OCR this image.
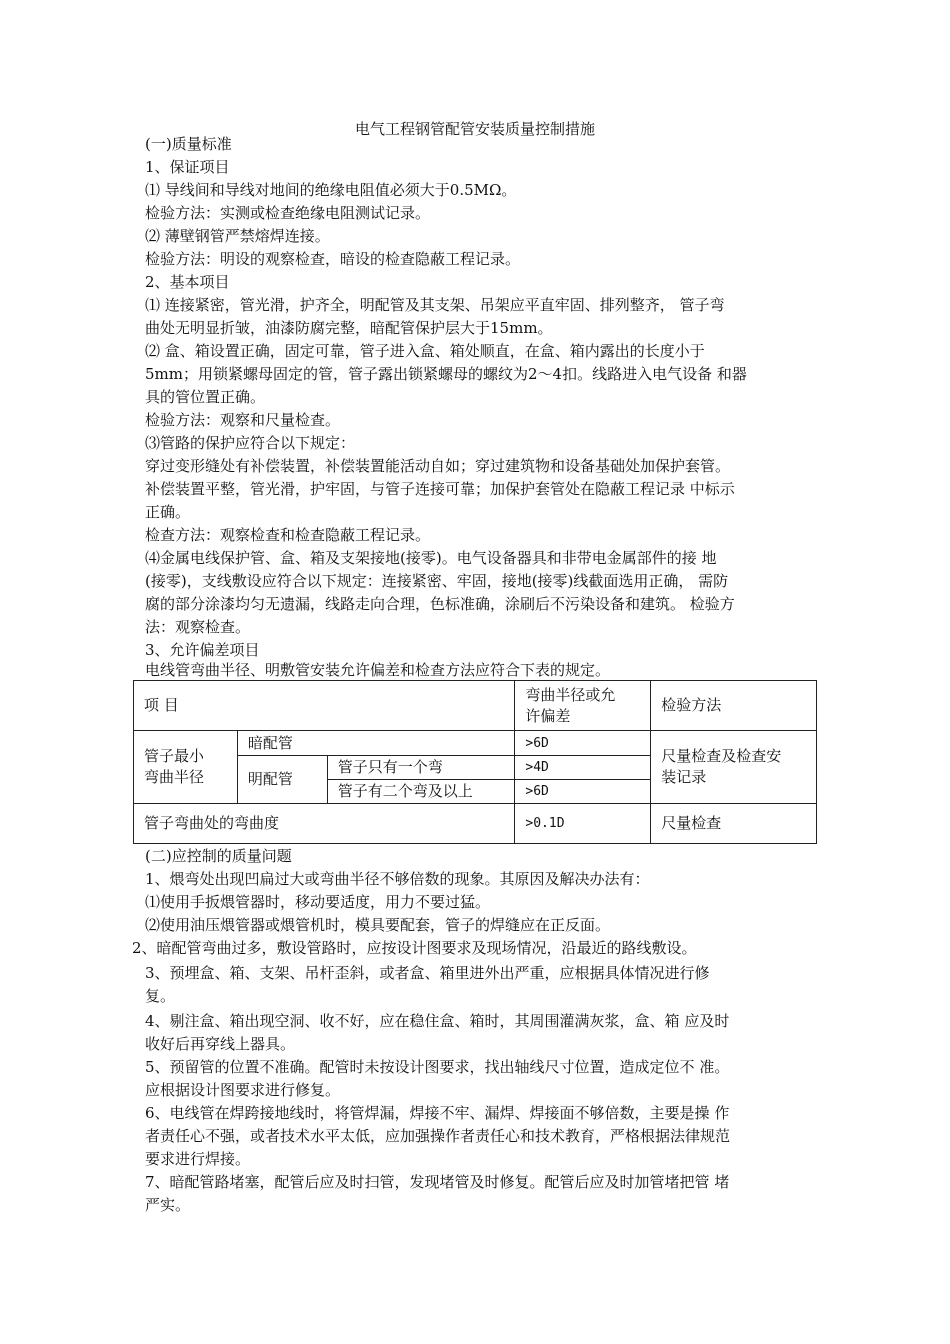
电气工程钢管配管安装质量控制措施
(一)质量标准
1、保证项目
⑴ 导线间和导线对地间的绝缘电阻值必须大于0.5MΩ。
检验方法：实测或检查绝缘电阻测试记录。
⑵ 薄壁钢管严禁熔焊连接。
检验方法：明设的观察检查，暗设的检查隐蔽工程记录。
2、基本项目
⑴ 连接紧密，管光滑，护齐全，明配管及其支架、吊架应平直牢固、排列整齐， 管子弯
曲处无明显折皱，油漆防腐完整，暗配管保护层大于15mm。
⑵ 盒、箱设置正确，固定可靠，管子进入盒、箱处顺直，在盒、箱内露出的长度小于
5mm；用锁紧螺母固定的管，管子露出锁紧螺母的螺纹为2〜4扣。线路进入电气设备 和器
具的管位置正确。
检验方法：观察和尺量检查。
⑶管路的保护应符合以下规定：
穿过变形缝处有补偿装置，补偿装置能活动自如；穿过建筑物和设备基础处加保护套管。
补偿装置平整，管光滑，护牢固，与管子连接可靠；加保护套管处在隐蔽工程记录 中标示
正确。
检查方法：观察检查和检查隐蔽工程记录。
⑷金属电线保护管、盒、箱及支架接地(接零)。电气设备器具和非带电金属部件的接 地
(接零)，支线敷设应符合以下规定：连接紧密、牢固，接地(接零)线截面选用正确， 需防
腐的部分涂漆均匀无遗漏，线路走向合理，色标准确，涂刷后不污染设备和建筑。 检验方
法：观察检查。
3、允许偏差项目
电线管弯曲半径、明敷管安装允许偏差和检查方法应符合下表的规定。
项 目			弯曲半径或允
许偏差	检验方法
管子最小
弯曲半径	暗配管		>6D	尺量检查及检查安
装记录
	明配管	管子只有一个弯	>4D	
		管子有二个弯及以上	>6D	
管子弯曲处的弯曲度			>0.1D	尺量检查
(二)应控制的质量问题
1、煨弯处出现凹扁过大或弯曲半径不够倍数的现象。其原因及解决办法有：
⑴使用手扳煨管器时，移动要适度，用力不要过猛。
⑵使用油压煨管器或煨管机时，模具要配套，管子的焊缝应在正反面。
2、暗配管弯曲过多，敷设管路时，应按设计图要求及现场情况，沿最近的路线敷设。
3、预埋盒、箱、支架、吊杆歪斜，或者盒、箱里进外出严重，应根据具体情况进行修
复。
4、剔注盒、箱出现空洞、收不好，应在稳住盒、箱时，其周围灌满灰浆，盒、箱 应及时
收好后再穿线上器具。
5、预留管的位置不准确。配管时未按设计图要求，找出轴线尺寸位置，造成定位不 准。
应根据设计图要求进行修复。
6、电线管在焊跨接地线时，将管焊漏，焊接不牢、漏焊、焊接面不够倍数，主要是操 作
者责任心不强，或者技术水平太低，应加强操作者责任心和技术教育，严格根据法律规范
要求进行焊接。
7、暗配管路堵塞，配管后应及时扫管，发现堵管及时修复。配管后应及时加管堵把管 堵
严实。
